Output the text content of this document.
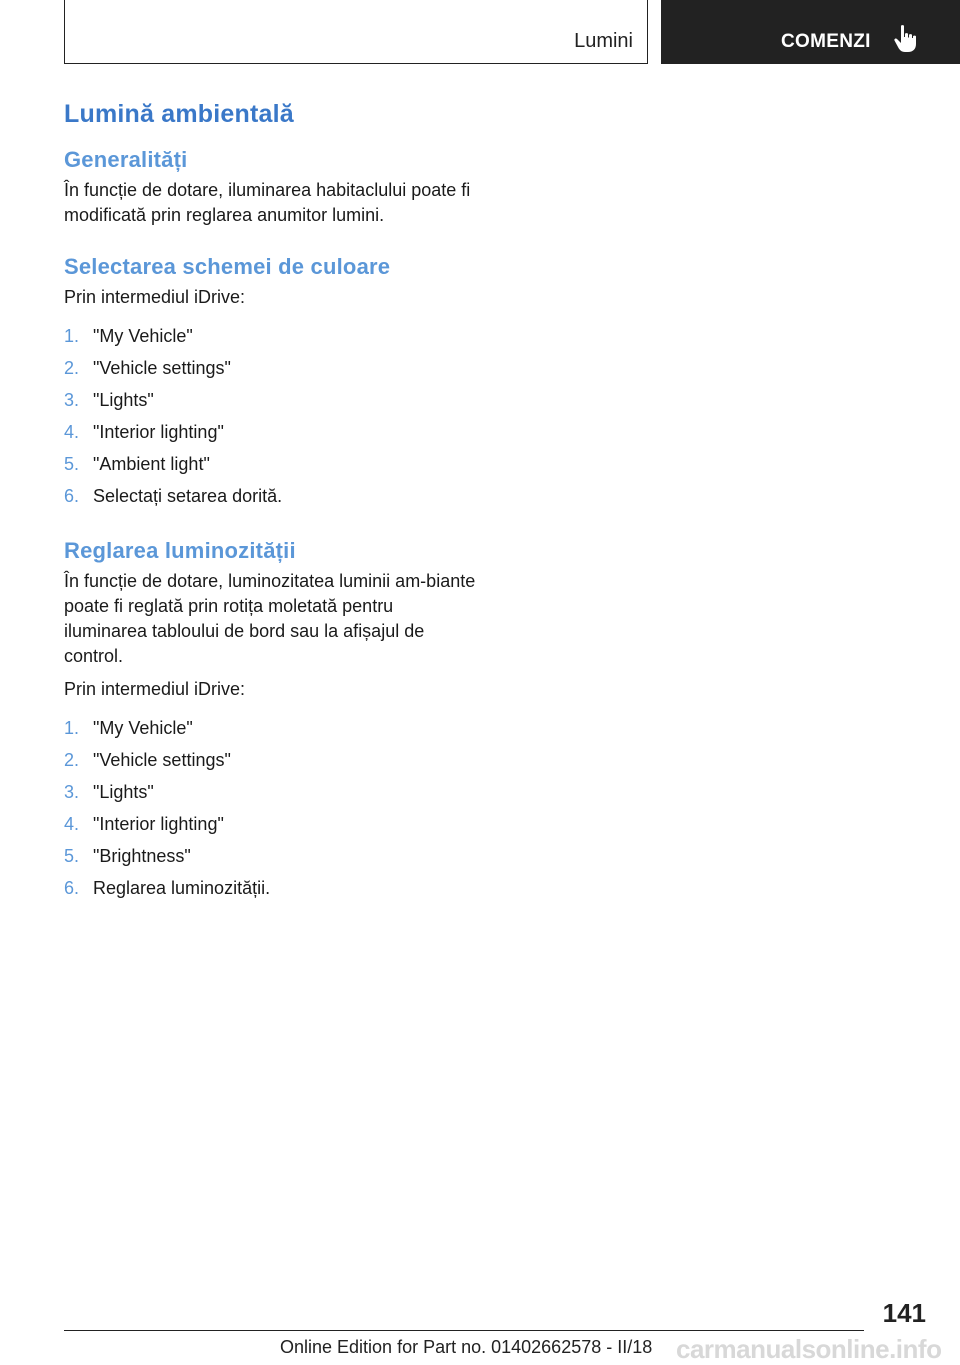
Lumini	COMENZI
Lumină ambientală
Generalități

În funcție de dotare, iluminarea habitaclului poate fi modificată prin reglarea anumitor lumini.

Selectarea schemei de culoare

Prin intermediul iDrive:

1. "My Vehicle"
2. "Vehicle settings"
3. "Lights"
4. "Interior lighting"
5. "Ambient light"
6. Selectați setarea dorită.
Reglarea luminozității

În funcție de dotare, luminozitatea luminii am-biante poate fi reglată prin rotița moletată pentru iluminarea tabloului de bord sau la afișajul de control.

Prin intermediul iDrive:

1. "My Vehicle"
2. "Vehicle settings"
3. "Lights"
4. "Interior lighting"
5. "Brightness"
6. Reglarea luminozității.
141
Online Edition for Part no. 01402662578 - II/18 carmanualsonline.info
